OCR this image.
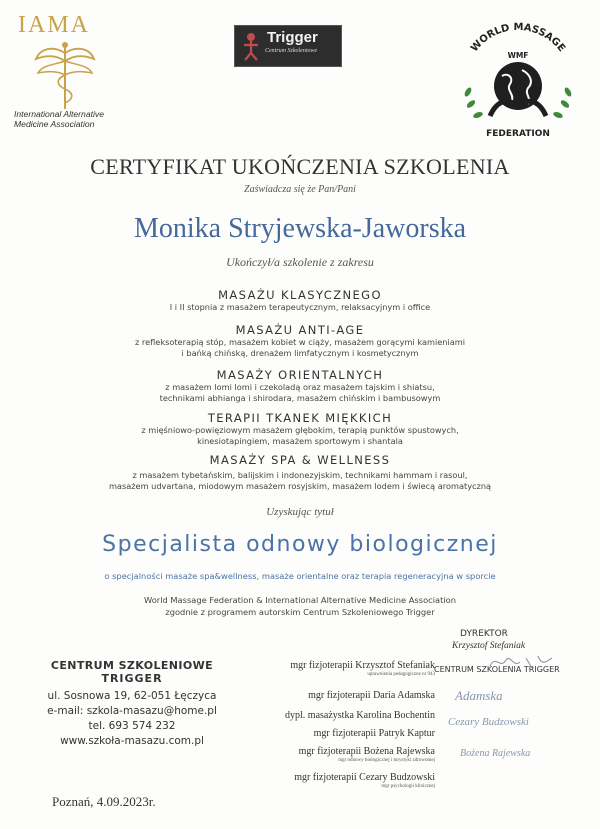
IAMA
International Alternative
Medicine Association
Trigger
Centrum Szkoleniowe	WORLD MASSAGE
WMF
FEDERATION
CERTYFIKAT UKOŃCZENIA SZKOLENIA
Zaświadcza się że Pan/Pani
Monika Stryjewska-Jaworska
Ukończył/a szkolenie z zakresu
MASAŻU KLASYCZNEGO
I i II stopnia z masażem terapeutycznym, relaksacyjnym i office
MASAŻU ANTI-AGE
z refleksoterapią stóp, masażem kobiet w ciąży, masażem gorącymi kamieniami
i bańką chińską, drenażem limfatycznym i kosmetycznym
MASAŻY ORIENTALNYCH
z masażem lomi lomi i czekoladą oraz masażem tajskim i shiatsu,
technikami abhianga i shirodara, masażem chińskim i bambusowym
TERAPII TKANEK MIĘKKICH
z mięśniowo-powięziowym masażem głębokim, terapią punktów spustowych,
kinesiotapingiem, masażem sportowym i shantala
MASAŻY SPA & WELLNESS
z masażem tybetańskim, balijskim i indonezyjskim, technikami hammam i rasoul,
masażem udvartana, miodowym masażem rosyjskim, masażem lodem i świecą aromatyczną
Uzyskując tytuł
Specjalista odnowy biologicznej
o specjalności masaże spa&wellness, masaże orientalne oraz terapia regeneracyjna w sporcie
World Massage Federation & International Alternative Medicine Association
zgodnie z programem autorskim Centrum Szkoleniowego Trigger
DYREKTOR
Krzysztof Stefaniak
CENTRUM SZKOLENIA TRIGGER
CENTRUM SZKOLENIOWE
TRIGGER
ul. Sosnowa 19, 62-051 Łęczyca
e-mail: szkola-masazu@home.pl
tel. 693 574 232
www.szkoła-masazu.com.pl
mgr fizjoterapii Krzysztof Stefaniak
uprawnienia pedagogiczne nr 943
mgr fizjoterapii Daria Adamska
dypl. masażystka Karolina Bochentin
mgr fizjoterapii Patryk Kaptur
mgr fizjoterapii Bożena Rajewska
mgr odnowy biologicznej i turystyki zdrowotnej
mgr fizjoterapii Cezary Budzowski
mgr psychologii klinicznej
Adamska
Cezary Budzowski
Bożena Rajewska
Poznań, 4.09.2023r.
